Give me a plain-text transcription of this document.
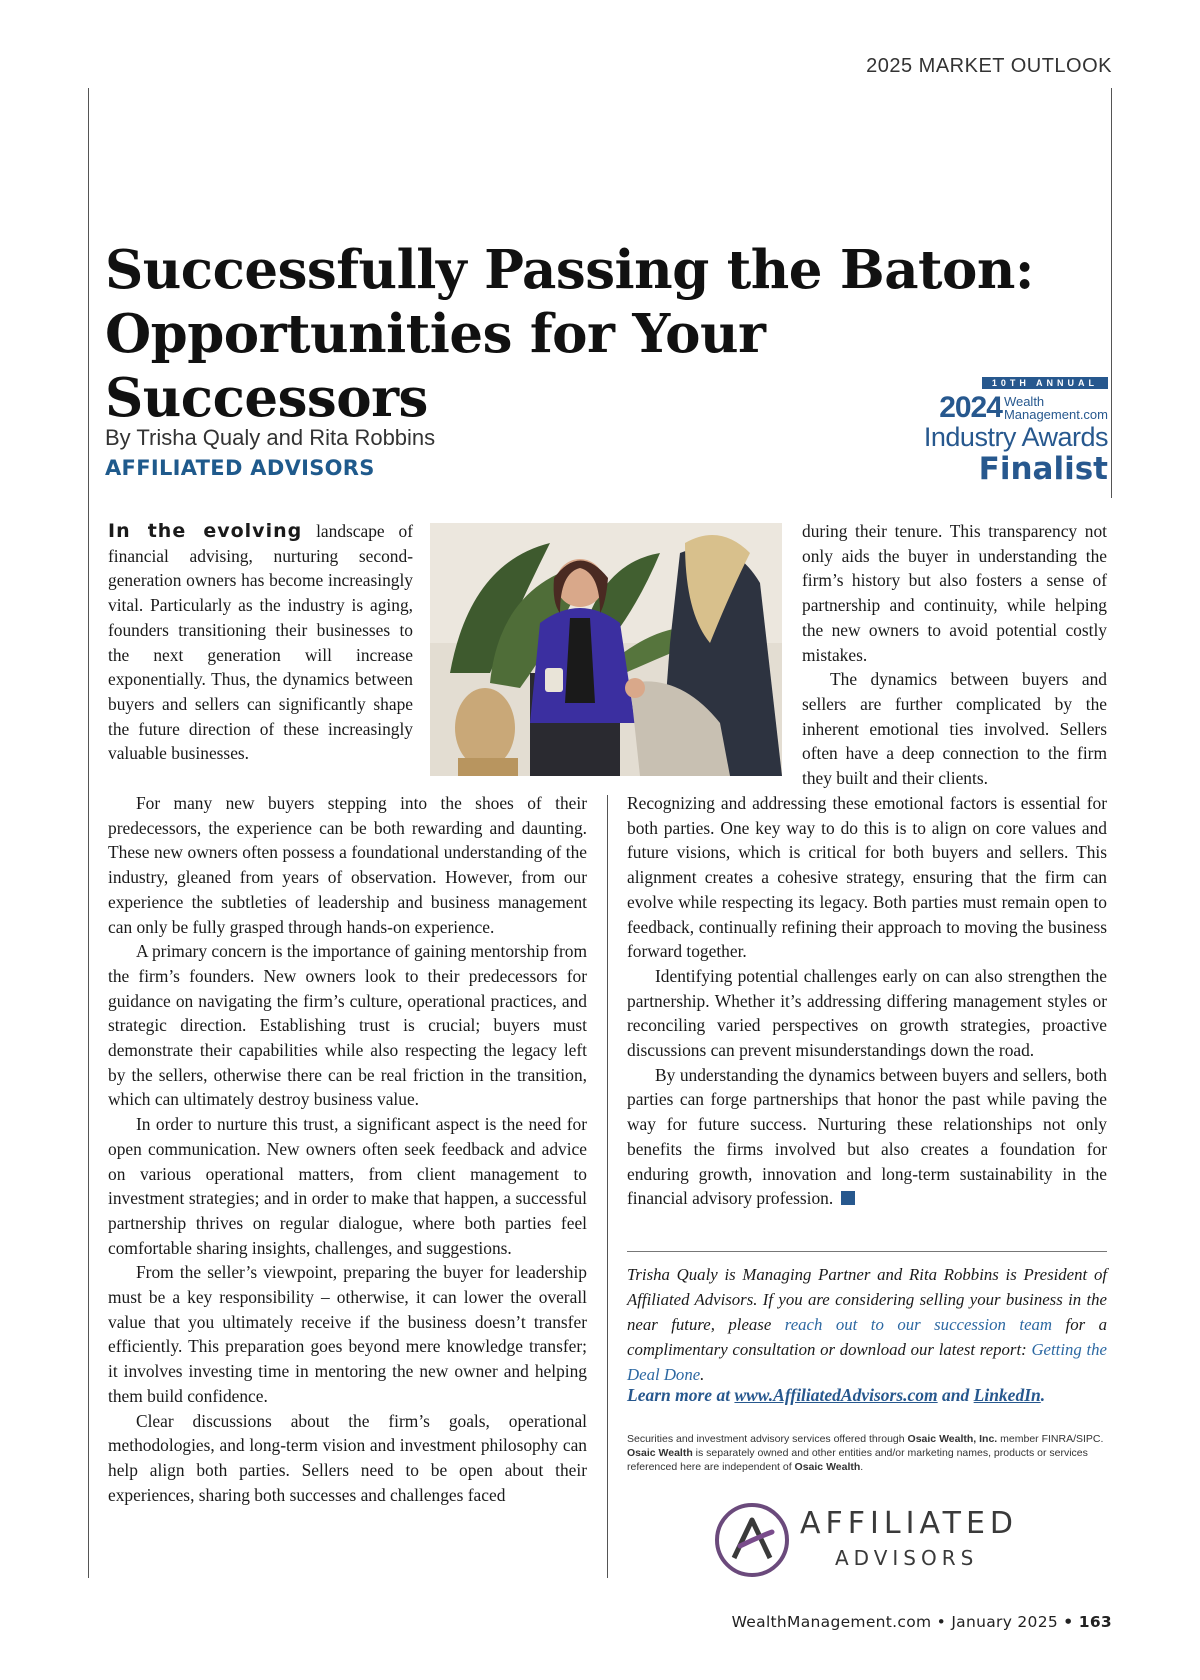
2025 MARKET OUTLOOK
Successfully Passing the Baton:
Opportunities for Your Successors
By Trisha Qualy and Rita Robbins
AFFILIATED ADVISORS
10TH ANNUAL
2024 Wealth
Management.com
Industry Awards
Finalist
In the evolving landscape of financial advising, nurturing second-generation owners has become increasingly vital. Particularly as the industry is aging, founders transitioning their businesses to the next generation will increase exponentially. Thus, the dynamics between buyers and sellers can significantly shape the future direction of these increasingly valuable businesses.

For many new buyers stepping into the shoes of their predecessors, the experience can be both rewarding and daunting. These new owners often possess a foundational understanding of the industry, gleaned from years of observation. However, from our experience the subtleties of leadership and business management can only be fully grasped through hands-on experience.

A primary concern is the importance of gaining mentorship from the firm’s founders. New owners look to their predecessors for guidance on navigating the firm’s culture, operational practices, and strategic direction. Establishing trust is crucial; buyers must demonstrate their capabilities while also respecting the legacy left by the sellers, otherwise there can be real friction in the transition, which can ultimately destroy business value.

In order to nurture this trust, a significant aspect is the need for open communication. New owners often seek feedback and advice on various operational matters, from client management to investment strategies; and in order to make that happen, a successful partnership thrives on regular dialogue, where both parties feel comfortable sharing insights, challenges, and suggestions.

From the seller’s viewpoint, preparing the buyer for leadership must be a key responsibility – otherwise, it can lower the overall value that you ultimately receive if the business doesn’t transfer efficiently. This preparation goes beyond mere knowledge transfer; it involves investing time in mentoring the new owner and helping them build confidence.

Clear discussions about the firm’s goals, operational methodologies, and long-term vision and investment philosophy can help align both parties. Sellers need to be open about their experiences, sharing both successes and challenges faced

during their tenure. This transparency not only aids the buyer in understanding the firm’s history but also fosters a sense of partnership and continuity, while helping the new owners to avoid potential costly mistakes.

The dynamics between buyers and sellers are further complicated by the inherent emotional ties involved. Sellers often have a deep connection to the firm they built and their clients.

Recognizing and addressing these emotional factors is essential for both parties. One key way to do this is to align on core values and future visions, which is critical for both buyers and sellers. This alignment creates a cohesive strategy, ensuring that the firm can evolve while respecting its legacy. Both parties must remain open to feedback, continually refining their approach to moving the business forward together.

Identifying potential challenges early on can also strengthen the partnership. Whether it’s addressing differing management styles or reconciling varied perspectives on growth strategies, proactive discussions can prevent misunderstandings down the road.

By understanding the dynamics between buyers and sellers, both parties can forge partnerships that honor the past while paving the way for future success. Nurturing these relationships not only benefits the firms involved but also creates a foundation for enduring growth, innovation and long-term sustainability in the financial advisory profession.

Trisha Qualy is Managing Partner and Rita Robbins is President of Affiliated Advisors. If you are considering selling your business in the near future, please reach out to our succession team for a complimentary consultation or download our latest report: Getting the Deal Done.
Learn more at www.AffiliatedAdvisors.com and LinkedIn.
Securities and investment advisory services offered through Osaic Wealth, Inc. member FINRA/SIPC. Osaic Wealth is separately owned and other entities and/or marketing names, products or services referenced here are independent of Osaic Wealth.
AFFILIATED
ADVISORS
WealthManagement.com • January 2025 • 163
